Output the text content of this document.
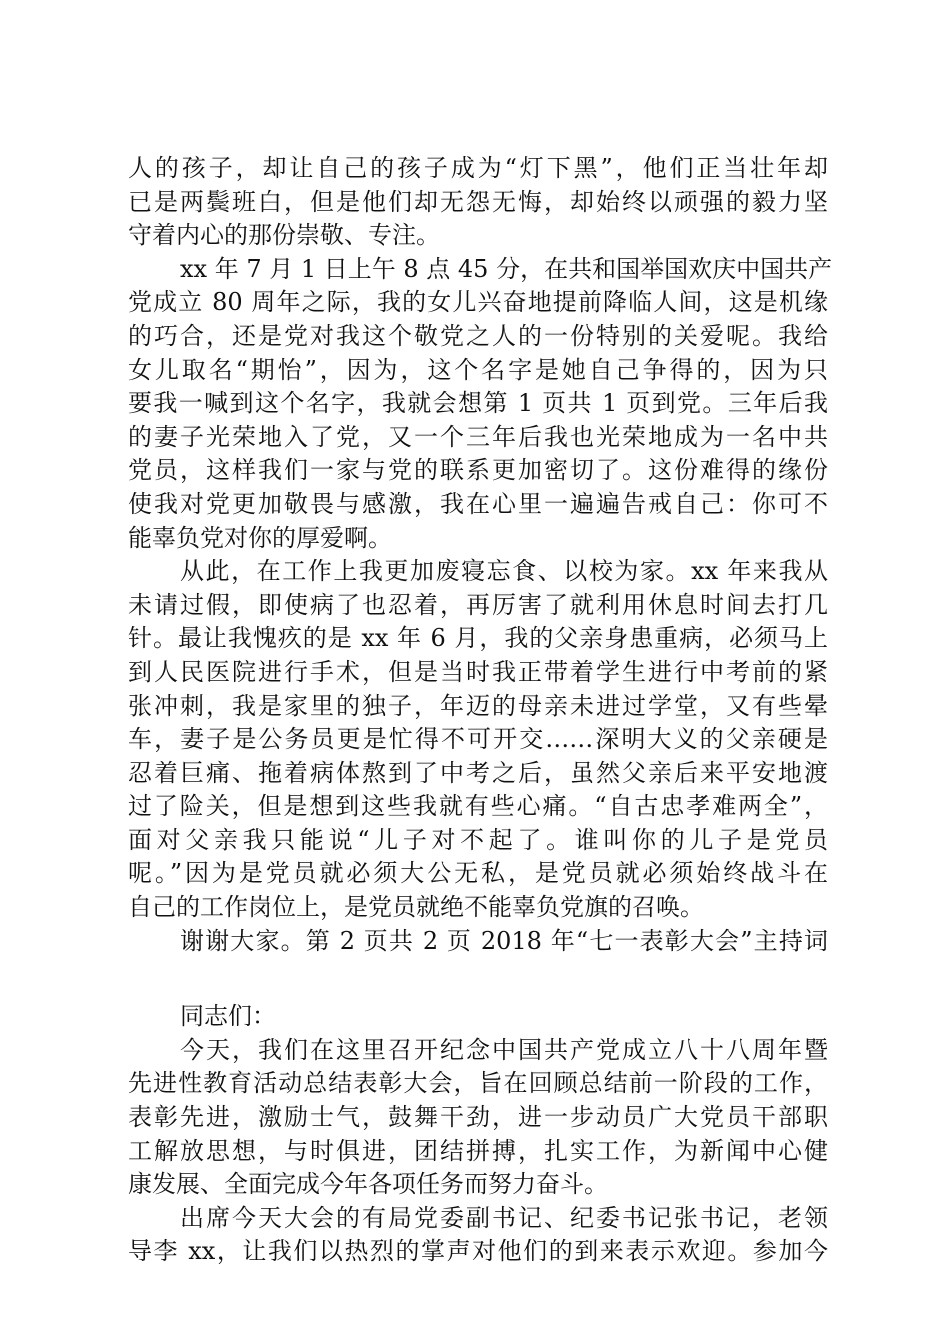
人的孩子，却让自己的孩子成为“灯下黑”，他们正当壮年却
已是两鬓班白，但是他们却无怨无悔，却始终以顽强的毅力坚
守着内心的那份崇敬、专注。
xx 年 7 月 1 日上午 8 点 45 分，在共和国举国欢庆中国共产
党成立 80 周年之际，我的女儿兴奋地提前降临人间，这是机缘
的巧合，还是党对我这个敬党之人的一份特别的关爱呢。我给
女儿取名“期怡”，因为，这个名字是她自己争得的，因为只
要我一喊到这个名字，我就会想第 1 页共 1 页到党。三年后我
的妻子光荣地入了党，又一个三年后我也光荣地成为一名中共
党员，这样我们一家与党的联系更加密切了。这份难得的缘份
使我对党更加敬畏与感激，我在心里一遍遍告戒自己：你可不
能辜负党对你的厚爱啊。
从此，在工作上我更加废寝忘食、以校为家。xx 年来我从
未请过假，即使病了也忍着，再厉害了就利用休息时间去打几
针。最让我愧疚的是 xx 年 6 月，我的父亲身患重病，必须马上
到人民医院进行手术，但是当时我正带着学生进行中考前的紧
张冲刺，我是家里的独子，年迈的母亲未进过学堂，又有些晕
车，妻子是公务员更是忙得不可开交……深明大义的父亲硬是
忍着巨痛、拖着病体熬到了中考之后，虽然父亲后来平安地渡
过了险关，但是想到这些我就有些心痛。“自古忠孝难两全”，
面对父亲我只能说“儿子对不起了。谁叫你的儿子是党员
呢。”因为是党员就必须大公无私，是党员就必须始终战斗在
自己的工作岗位上，是党员就绝不能辜负党旗的召唤。
谢谢大家。第 2 页共 2 页 2018 年“七一表彰大会”主持词
同志们：
今天，我们在这里召开纪念中国共产党成立八十八周年暨
先进性教育活动总结表彰大会，旨在回顾总结前一阶段的工作，
表彰先进，激励士气，鼓舞干劲，进一步动员广大党员干部职
工解放思想，与时俱进，团结拼搏，扎实工作，为新闻中心健
康发展、全面完成今年各项任务而努力奋斗。
出席今天大会的有局党委副书记、纪委书记张书记，老领
导李 xx，让我们以热烈的掌声对他们的到来表示欢迎。参加今
